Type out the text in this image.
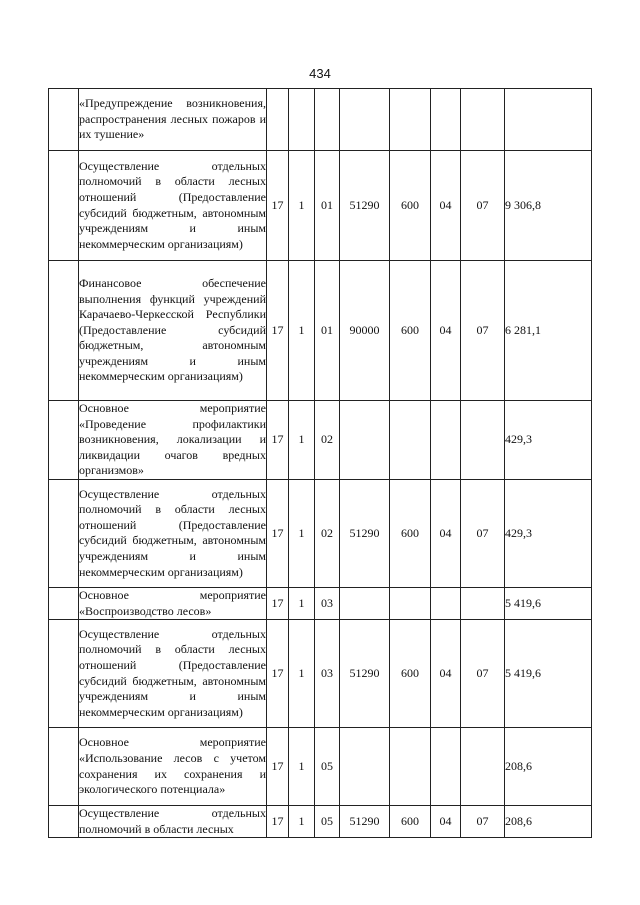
434
	«Предупреждение возникновения, распространения лесных пожаров и их тушение»								
	Осуществление отдельных полномочий в области лесных отношений (Предоставление субсидий бюджетным, автономным учреждениям и иным некоммерческим организациям)	17	1	01	51290	600	04	07	9 306,8
	Финансовое обеспечение выполнения функций учреждений Карачаево-Черкесской Республики (Предоставление субсидий бюджетным, автономным учреждениям и иным некоммерческим организациям)	17	1	01	90000	600	04	07	6 281,1
	Основное мероприятие «Проведение профилактики возникновения, локализации и ликвидации очагов вредных организмов»	17	1	02					429,3
	Осуществление отдельных полномочий в области лесных отношений (Предоставление субсидий бюджетным, автономным учреждениям и иным некоммерческим организациям)	17	1	02	51290	600	04	07	429,3
	Основное мероприятие «Воспроизводство лесов»	17	1	03					5 419,6
	Осуществление отдельных полномочий в области лесных отношений (Предоставление субсидий бюджетным, автономным учреждениям и иным некоммерческим организациям)	17	1	03	51290	600	04	07	5 419,6
	Основное мероприятие «Использование лесов с учетом сохранения их сохранения и экологического потенциала»	17	1	05					208,6
	Осуществление отдельных полномочий в области лесных	17	1	05	51290	600	04	07	208,6
